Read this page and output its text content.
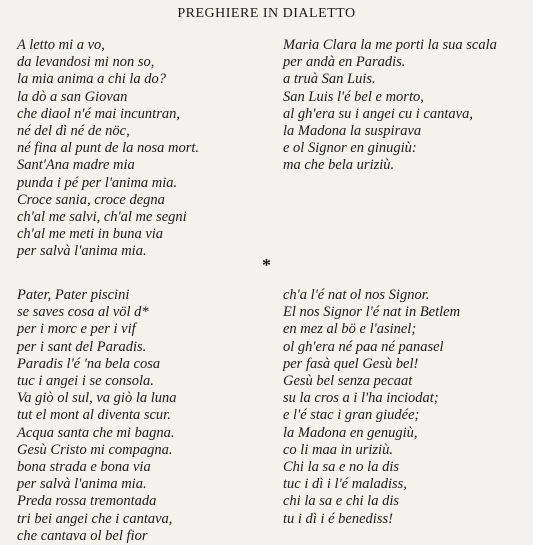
PREGHIERE IN DIALETTO
A letto mi a vo,
da levandosi mi non so,
la mia anima a chi la do?
la dò a san Giovan
che diaol n'é mai incuntran,
né del dì né de nöc,
né fina al punt de la nosa mort.
Sant'Ana madre mia
punda i pé per l'anima mia.
Croce sania, croce degna
ch'al me salvi, ch'al me segni
ch'al me meti in buna via
per salvà l'anima mia.
Maria Clara la me porti la sua scala
per andà en Paradis.
a truà San Luis.
San Luis l'é bel e morto,
al gh'era su i angei cu i cantava,
la Madona la suspirava
e ol Signor en ginugiù:
ma che bela uriziù.
*
Pater, Pater piscini
se saves cosa al völ d*
per i morc e per i vif
per i sant del Paradis.
Paradis l'é 'na bela cosa
tuc i angei i se consola.
Va giò ol sul, va giò la luna
tut el mont al diventa scur.
Acqua santa che mi bagna.
Gesù Cristo mi compagna.
bona strada e bona via
per salvà l'anima mia.
Preda rossa tremontada
tri bei angei che i cantava,
che cantava ol bel fior
ch'a l'é nat ol nos Signor.
El nos Signor l'é nat in Betlem
en mez al bö e l'asinel;
ol gh'era né paa né panasel
per fasà quel Gesù bel!
Gesù bel senza pecaat
su la cros a i l'ha inciodat;
e l'é stac i gran giudée;
la Madona en genugiù,
co li maa in uriziù.
Chi la sa e no la dis
tuc i dì i l'é maladiss,
chi la sa e chi la dis
tu i dì i é benediss!
